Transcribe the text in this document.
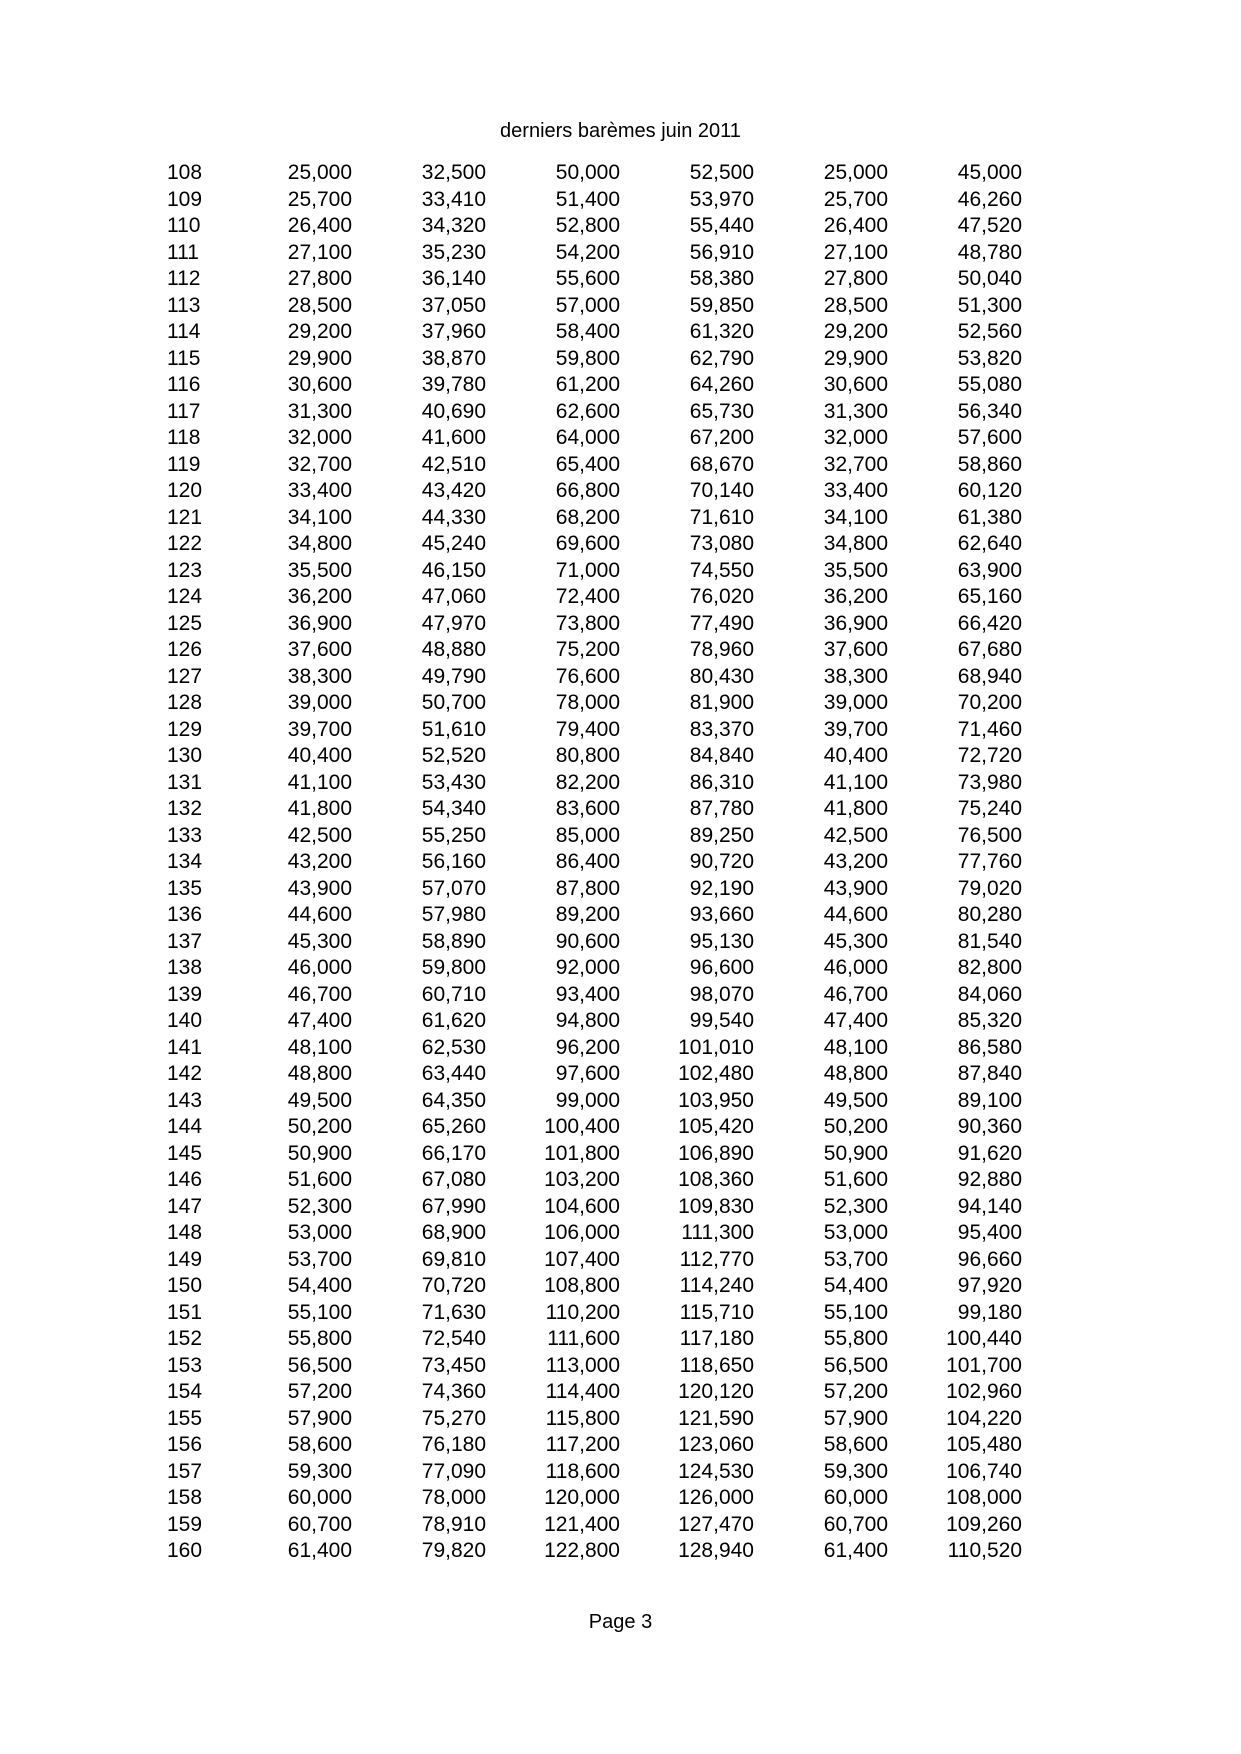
derniers barèmes juin 2011
108	25,000	32,500	50,000	52,500	25,000	45,000
109	25,700	33,410	51,400	53,970	25,700	46,260
110	26,400	34,320	52,800	55,440	26,400	47,520
111	27,100	35,230	54,200	56,910	27,100	48,780
112	27,800	36,140	55,600	58,380	27,800	50,040
113	28,500	37,050	57,000	59,850	28,500	51,300
114	29,200	37,960	58,400	61,320	29,200	52,560
115	29,900	38,870	59,800	62,790	29,900	53,820
116	30,600	39,780	61,200	64,260	30,600	55,080
117	31,300	40,690	62,600	65,730	31,300	56,340
118	32,000	41,600	64,000	67,200	32,000	57,600
119	32,700	42,510	65,400	68,670	32,700	58,860
120	33,400	43,420	66,800	70,140	33,400	60,120
121	34,100	44,330	68,200	71,610	34,100	61,380
122	34,800	45,240	69,600	73,080	34,800	62,640
123	35,500	46,150	71,000	74,550	35,500	63,900
124	36,200	47,060	72,400	76,020	36,200	65,160
125	36,900	47,970	73,800	77,490	36,900	66,420
126	37,600	48,880	75,200	78,960	37,600	67,680
127	38,300	49,790	76,600	80,430	38,300	68,940
128	39,000	50,700	78,000	81,900	39,000	70,200
129	39,700	51,610	79,400	83,370	39,700	71,460
130	40,400	52,520	80,800	84,840	40,400	72,720
131	41,100	53,430	82,200	86,310	41,100	73,980
132	41,800	54,340	83,600	87,780	41,800	75,240
133	42,500	55,250	85,000	89,250	42,500	76,500
134	43,200	56,160	86,400	90,720	43,200	77,760
135	43,900	57,070	87,800	92,190	43,900	79,020
136	44,600	57,980	89,200	93,660	44,600	80,280
137	45,300	58,890	90,600	95,130	45,300	81,540
138	46,000	59,800	92,000	96,600	46,000	82,800
139	46,700	60,710	93,400	98,070	46,700	84,060
140	47,400	61,620	94,800	99,540	47,400	85,320
141	48,100	62,530	96,200	101,010	48,100	86,580
142	48,800	63,440	97,600	102,480	48,800	87,840
143	49,500	64,350	99,000	103,950	49,500	89,100
144	50,200	65,260	100,400	105,420	50,200	90,360
145	50,900	66,170	101,800	106,890	50,900	91,620
146	51,600	67,080	103,200	108,360	51,600	92,880
147	52,300	67,990	104,600	109,830	52,300	94,140
148	53,000	68,900	106,000	111,300	53,000	95,400
149	53,700	69,810	107,400	112,770	53,700	96,660
150	54,400	70,720	108,800	114,240	54,400	97,920
151	55,100	71,630	110,200	115,710	55,100	99,180
152	55,800	72,540	111,600	117,180	55,800	100,440
153	56,500	73,450	113,000	118,650	56,500	101,700
154	57,200	74,360	114,400	120,120	57,200	102,960
155	57,900	75,270	115,800	121,590	57,900	104,220
156	58,600	76,180	117,200	123,060	58,600	105,480
157	59,300	77,090	118,600	124,530	59,300	106,740
158	60,000	78,000	120,000	126,000	60,000	108,000
159	60,700	78,910	121,400	127,470	60,700	109,260
160	61,400	79,820	122,800	128,940	61,400	110,520
Page 3
